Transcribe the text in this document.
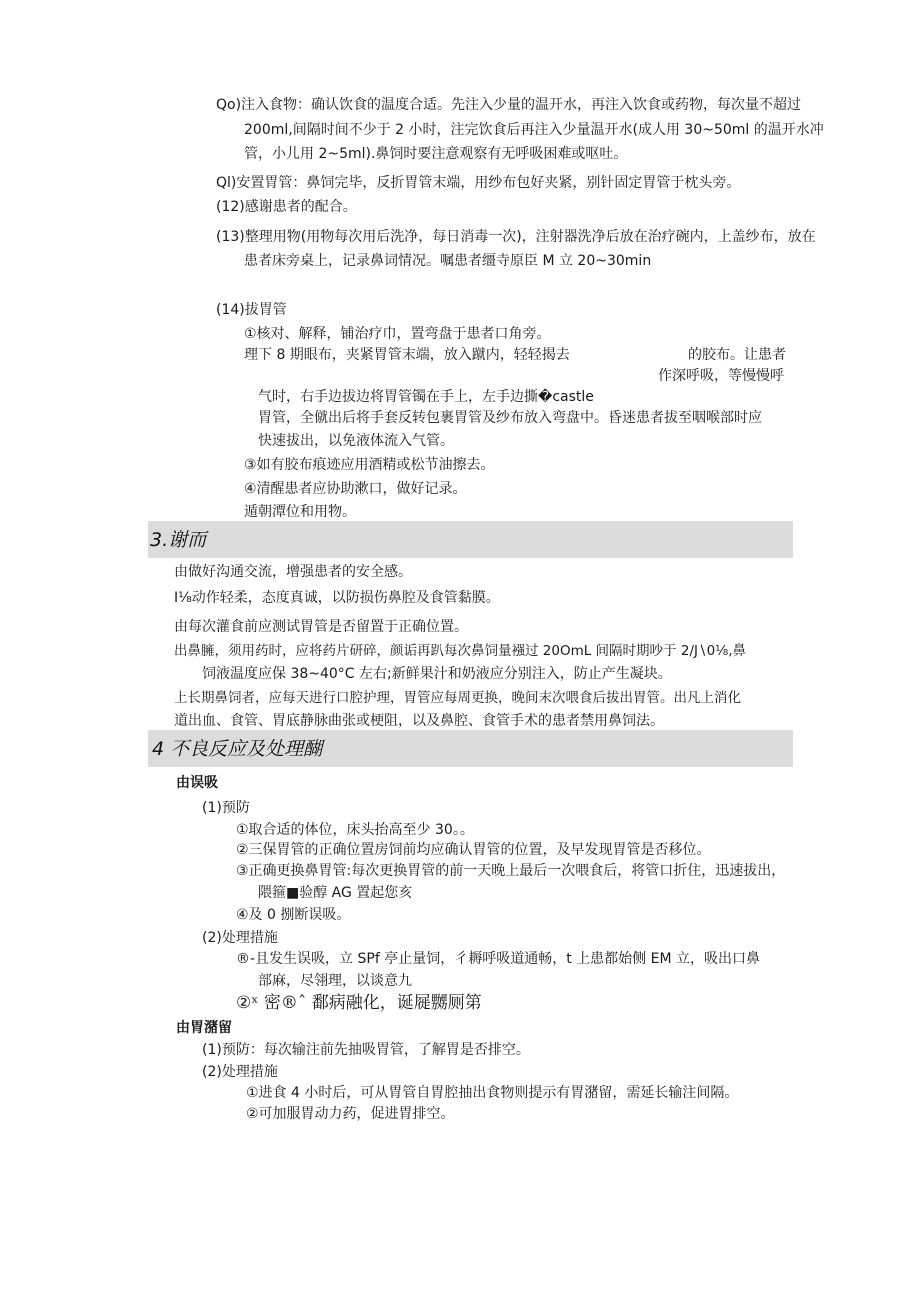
Qo)注入食物：确认饮食的温度合适。先注入少量的温开水，再注入饮食或药物，每次量不超过
200ml,间隔时间不少于 2 小时，注完饮食后再注入少量温开水(成人用 30~50ml 的温开水冲
管，小儿用 2~5ml).鼻饲时要注意观察有无呼吸困难或呕吐。
Ql)安置胃管：鼻饲完毕，反折胃管末端，用纱布包好夹紧，别针固定胃管于枕头旁。
(12)感谢患者的配合。
(13)整理用物(用物每次用后洗净，每日消毒一次)，注射器洗净后放在治疗碗内，上盖纱布，放在
患者床旁桌上，记录鼻词情况。嘱患者缰寺原臣 M 立 20~30min
(14)拔胃管
①核对、解释，铺治疗巾，置弯盘于患者口角旁。
理下 8 期眼布，夹紧胃管末端，放入蹴内，轻轻揭去	的胶布。让患者
作深呼吸，等慢慢呼
气时，右手边拔边将胃管镯在手上，左手边撕�castle
胃管，全僦出后将手套反转包裹胃管及纱布放入弯盘中。昏迷患者拔至咽喉部时应
快速拔出，以免液体流入气管。
③如有胶布痕迹应用酒精或松节油擦去。
④清醒患者应协助漱口，做好记录。
遁朝潭位和用物。
3.谢而
由做好沟通交流，增强患者的安全感。
I⅛动作轻柔，态度真诚，以防损伤鼻腔及食管黏膜。
由每次灌食前应测试胃管是否留置于正确位置。
出鼻臃，须用药时，应将药片研碎，颜诟再趴每次鼻饲量襁过 20OmL 间隔时期吵于 2∕J∖0⅛,鼻
饲液温度应保 38~40°C 左右;新鲜果汁和奶液应分别注入，防止产生凝块。
上长期鼻饲者，应每天进行口腔护理，胃管应每周更换，晚间末次喂食后拔出胃管。出凡上消化
道出血、食管、胃底静脉曲张或梗阻，以及鼻腔、食管手术的患者禁用鼻饲法。
4 不良反应及处理醐
由误吸
(1)预防
①取合适的体位，床头抬高至少 30。。
②三保胃管的正确位置房饲前均应确认胃管的位置，及早发现胃管是否移位。
③正确更换鼻胃管:每次更换胃管的前一天晚上最后一次喂食后，将管口折住，迅速拔出，
隈箍■验醇 AG 置起您亥
④及 0 捌断误吸。
(2)处理措施
®-且发生误吸，立 SPf 亭止量饲，彳耨呼吸道通畅，t 上患都始侧 EM 立，吸出口鼻
部麻，尽翎理，以谈意九
②ˣ 密®ˆ 鄱病融化，诞屣嬲厕第
由胃潴留
(1)预防：每次输注前先抽吸胃管，了解胃是否排空。
(2)处理措施
①进食 4 小时后，可从胃管自胃腔抽出食物则提示有胃潴留，需延长输注间隔。
②可加服胃动力药，促进胃排空。
